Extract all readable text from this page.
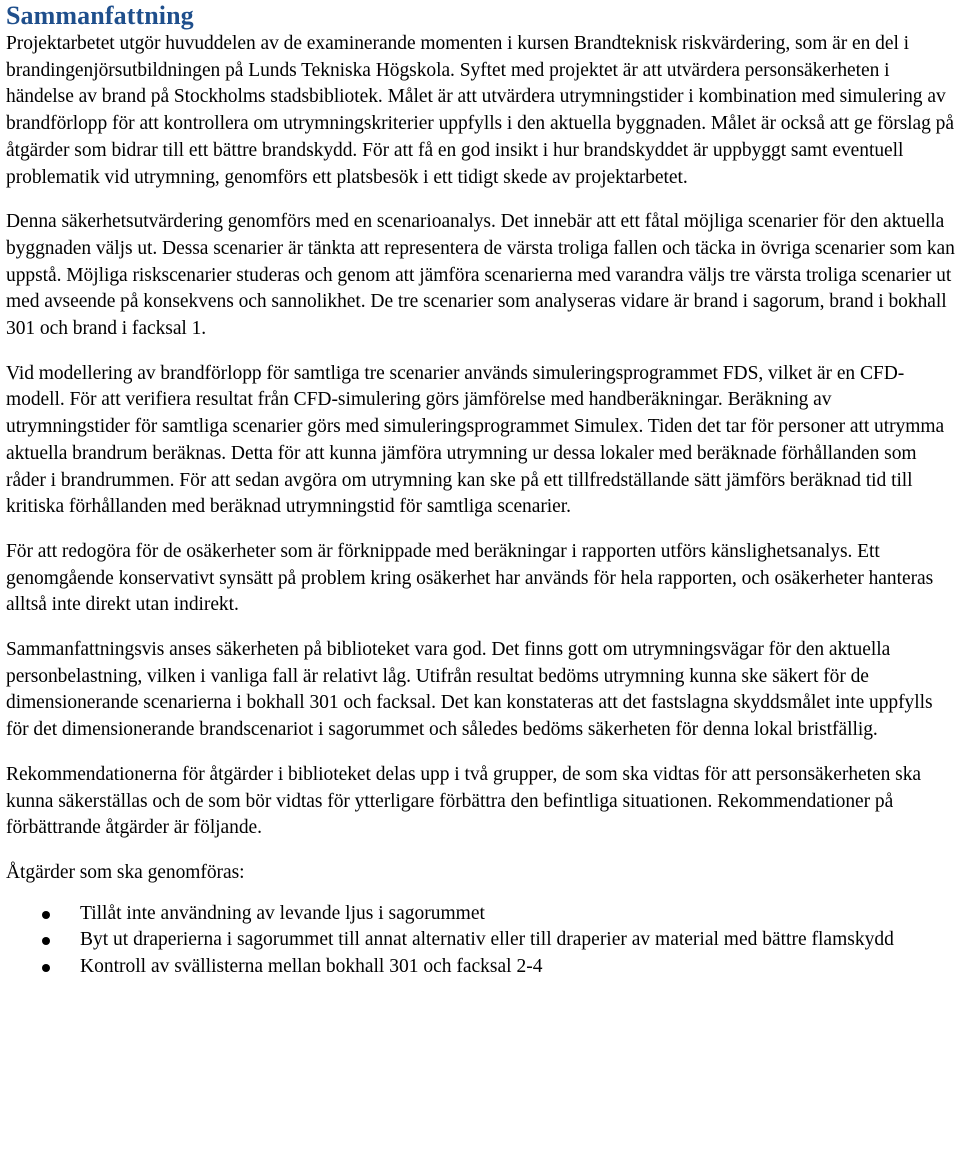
Sammanfattning

Projektarbetet utgör huvuddelen av de examinerande momenten i kursen Brandteknisk riskvärdering, som är en del i brandingenjörsutbildningen på Lunds Tekniska Högskola. Syftet med projektet är att utvärdera personsäkerheten i händelse av brand på Stockholms stadsbibliotek. Målet är att utvärdera utrymningstider i kombination med simulering av brandförlopp för att kontrollera om utrymningskriterier uppfylls i den aktuella byggnaden. Målet är också att ge förslag på åtgärder som bidrar till ett bättre brandskydd. För att få en god insikt i hur brandskyddet är uppbyggt samt eventuell problematik vid utrymning, genomförs ett platsbesök i ett tidigt skede av projektarbetet.

Denna säkerhetsutvärdering genomförs med en scenarioanalys. Det innebär att ett fåtal möjliga scenarier för den aktuella byggnaden väljs ut. Dessa scenarier är tänkta att representera de värsta troliga fallen och täcka in övriga scenarier som kan uppstå. Möjliga riskscenarier studeras och genom att jämföra scenarierna med varandra väljs tre värsta troliga scenarier ut med avseende på konsekvens och sannolikhet. De tre scenarier som analyseras vidare är brand i sagorum, brand i bokhall 301 och brand i facksal 1.

Vid modellering av brandförlopp för samtliga tre scenarier används simuleringsprogrammet FDS, vilket är en CFD-modell. För att verifiera resultat från CFD-simulering görs jämförelse med handberäkningar. Beräkning av utrymningstider för samtliga scenarier görs med simuleringsprogrammet Simulex. Tiden det tar för personer att utrymma aktuella brandrum beräknas. Detta för att kunna jämföra utrymning ur dessa lokaler med beräknade förhållanden som råder i brandrummen. För att sedan avgöra om utrymning kan ske på ett tillfredställande sätt jämförs beräknad tid till kritiska förhållanden med beräknad utrymningstid för samtliga scenarier.

För att redogöra för de osäkerheter som är förknippade med beräkningar i rapporten utförs känslighetsanalys. Ett genomgående konservativt synsätt på problem kring osäkerhet har används för hela rapporten, och osäkerheter hanteras alltså inte direkt utan indirekt.

Sammanfattningsvis anses säkerheten på biblioteket vara god. Det finns gott om utrymningsvägar för den aktuella personbelastning, vilken i vanliga fall är relativt låg. Utifrån resultat bedöms utrymning kunna ske säkert för de dimensionerande scenarierna i bokhall 301 och facksal. Det kan konstateras att det fastslagna skyddsmålet inte uppfylls för det dimensionerande brandscenariot i sagorummet och således bedöms säkerheten för denna lokal bristfällig.

Rekommendationerna för åtgärder i biblioteket delas upp i två grupper, de som ska vidtas för att personsäkerheten ska kunna säkerställas och de som bör vidtas för ytterligare förbättra den befintliga situationen. Rekommendationer på förbättrande åtgärder är följande.

Åtgärder som ska genomföras:

Tillåt inte användning av levande ljus i sagorummet
Byt ut draperierna i sagorummet till annat alternativ eller till draperier av material med bättre flamskydd
Kontroll av svällisterna mellan bokhall 301 och facksal 2-4
